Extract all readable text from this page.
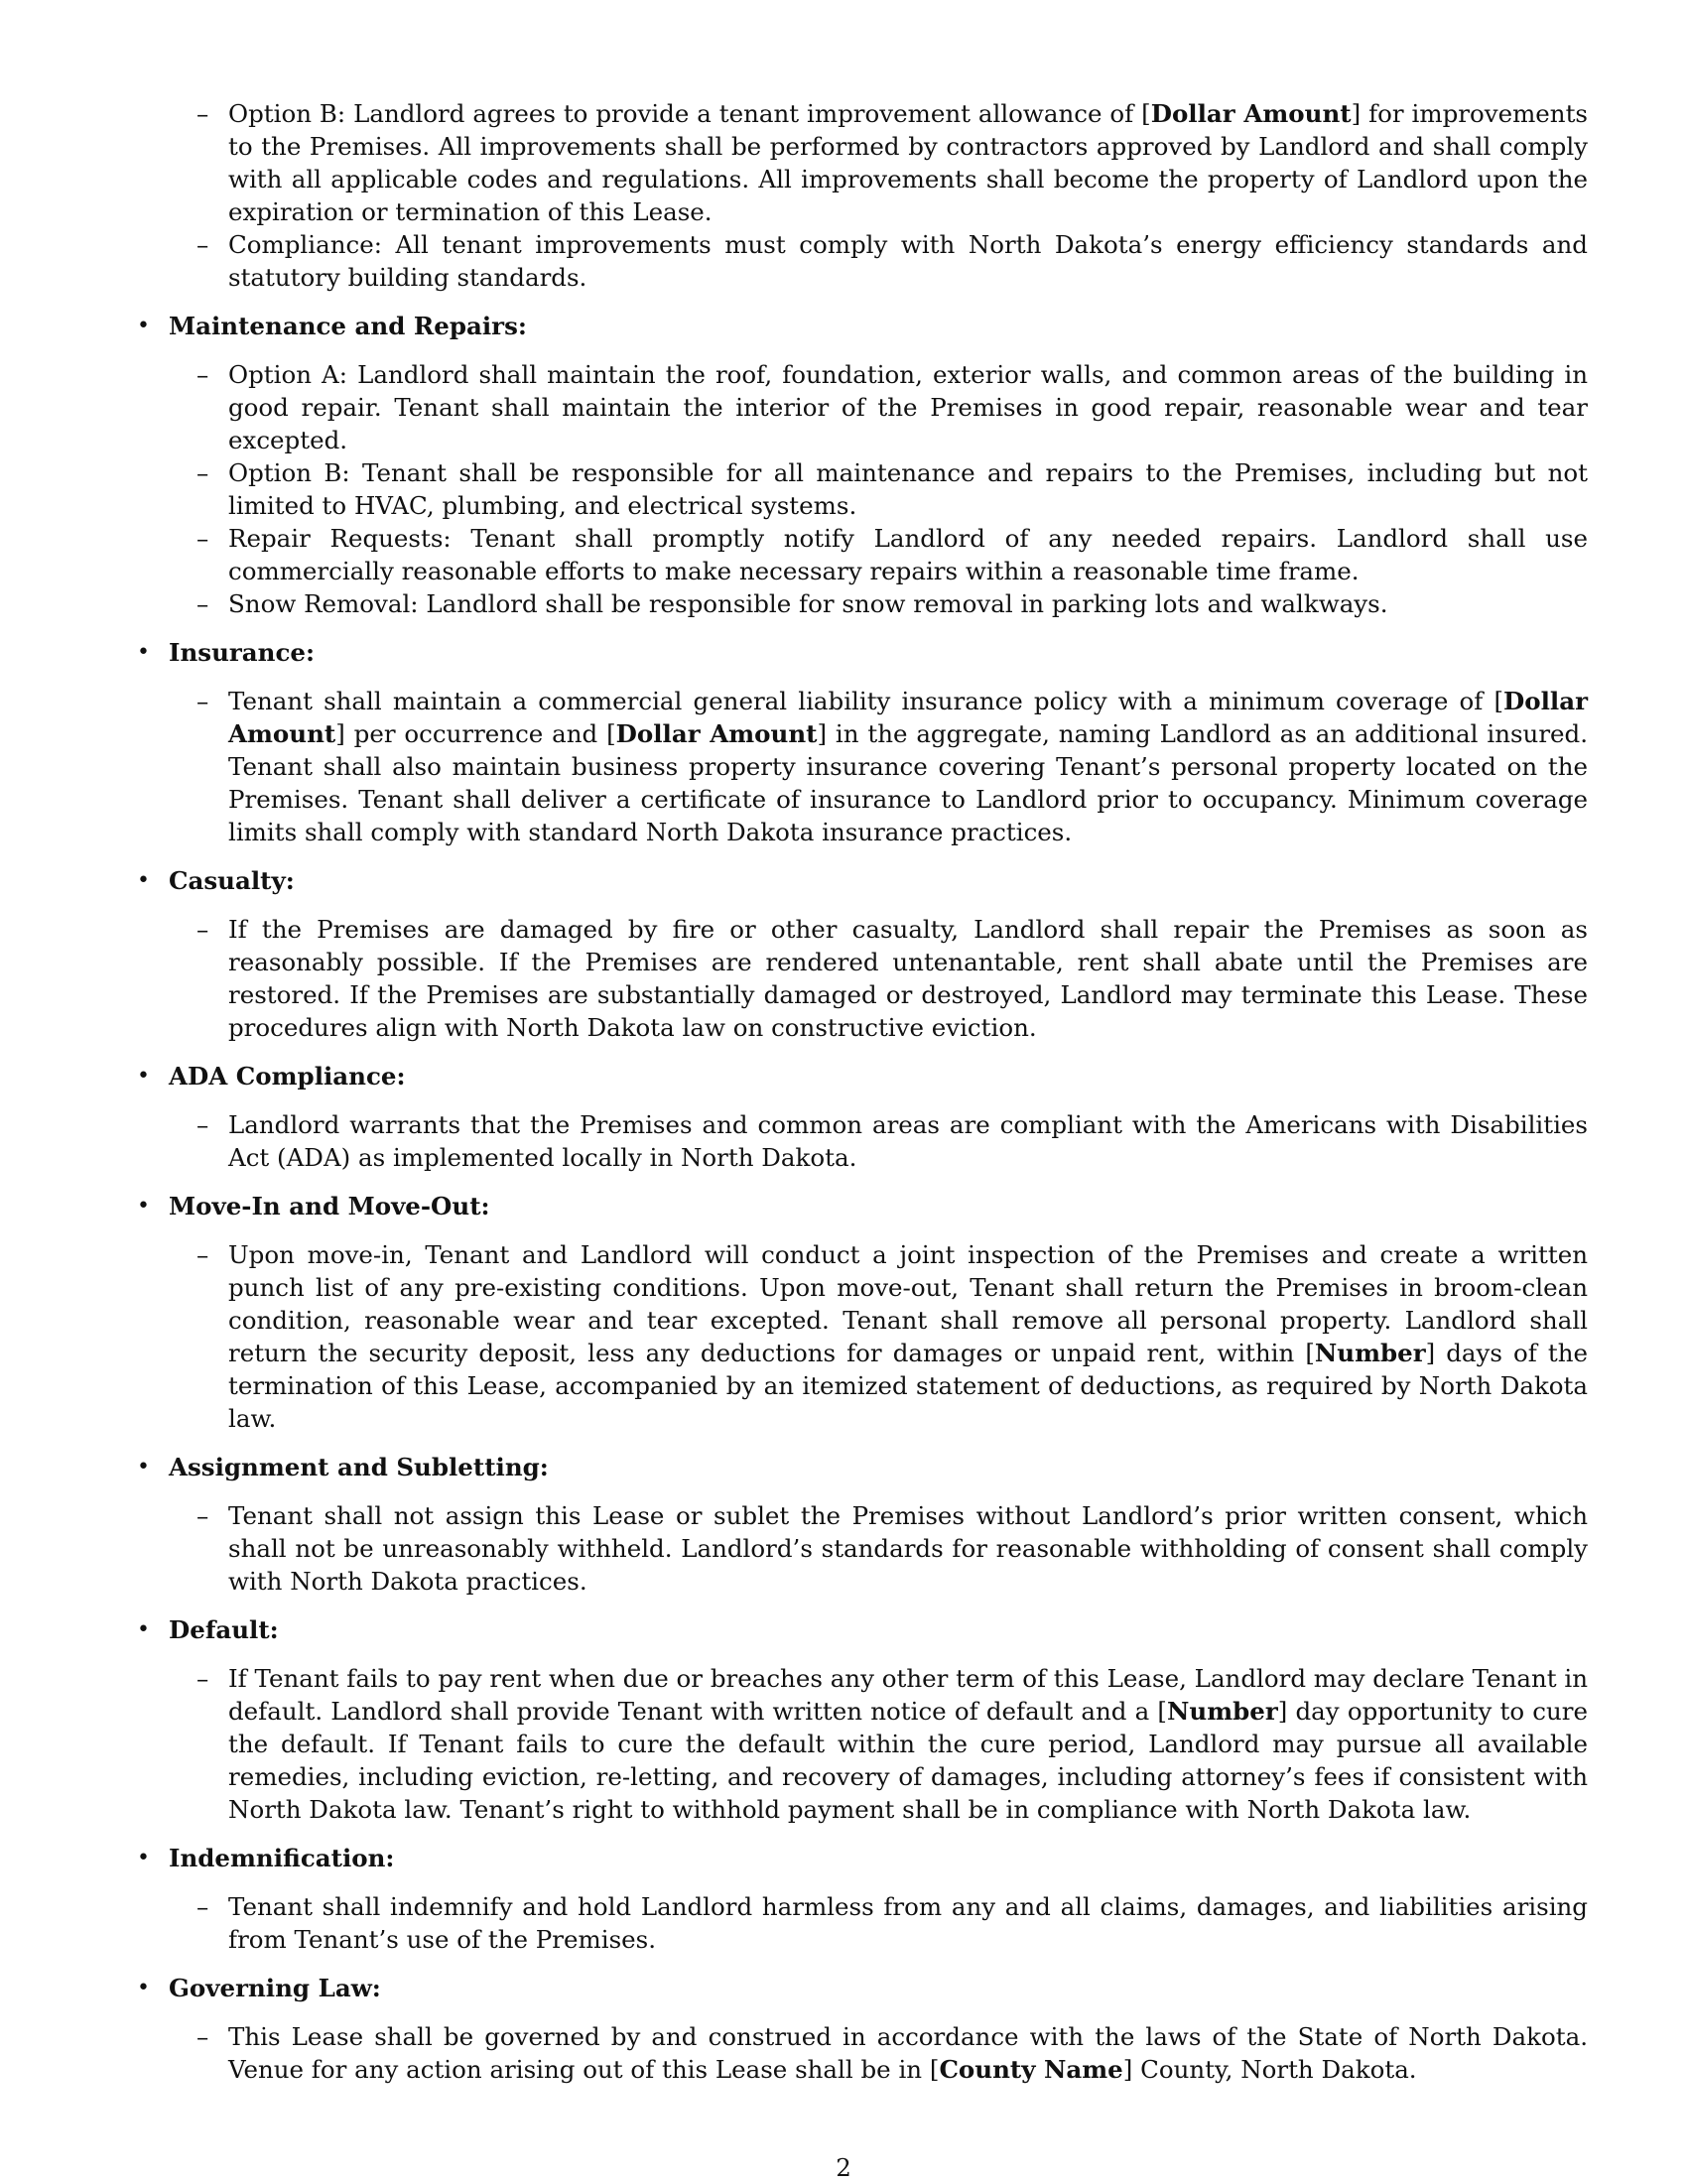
– Option B: Landlord agrees to provide a tenant improvement allowance of [Dollar Amount] for improvements to the Premises. All improvements shall be performed by contractors approved by Landlord and shall comply with all applicable codes and regulations. All improvements shall become the property of Landlord upon the expiration or termination of this Lease.
– Compliance: All tenant improvements must comply with North Dakota’s energy efficiency standards and statutory building standards.
• Maintenance and Repairs:
– Option A: Landlord shall maintain the roof, foundation, exterior walls, and common areas of the building in good repair. Tenant shall maintain the interior of the Premises in good repair, reasonable wear and tear excepted.
– Option B: Tenant shall be responsible for all maintenance and repairs to the Premises, including but not limited to HVAC, plumbing, and electrical systems.
– Repair Requests: Tenant shall promptly notify Landlord of any needed repairs. Landlord shall use commercially reasonable efforts to make necessary repairs within a reasonable time frame.
– Snow Removal: Landlord shall be responsible for snow removal in parking lots and walkways.
• Insurance:
– Tenant shall maintain a commercial general liability insurance policy with a minimum coverage of [Dollar Amount] per occurrence and [Dollar Amount] in the aggregate, naming Landlord as an additional insured. Tenant shall also maintain business property insurance covering Tenant’s personal property located on the Premises. Tenant shall deliver a certificate of insurance to Landlord prior to occupancy. Minimum coverage limits shall comply with standard North Dakota insurance practices.
• Casualty:
– If the Premises are damaged by fire or other casualty, Landlord shall repair the Premises as soon as reasonably possible. If the Premises are rendered untenantable, rent shall abate until the Premises are restored. If the Premises are substantially damaged or destroyed, Landlord may terminate this Lease. These procedures align with North Dakota law on constructive eviction.
• ADA Compliance:
– Landlord warrants that the Premises and common areas are compliant with the Americans with Disabilities Act (ADA) as implemented locally in North Dakota.
• Move-In and Move-Out:
– Upon move-in, Tenant and Landlord will conduct a joint inspection of the Premises and create a written punch list of any pre-existing conditions. Upon move-out, Tenant shall return the Premises in broom-clean condition, reasonable wear and tear excepted. Tenant shall remove all personal property. Landlord shall return the security deposit, less any deductions for damages or unpaid rent, within [Number] days of the termination of this Lease, accompanied by an itemized statement of deductions, as required by North Dakota law.
• Assignment and Subletting:
– Tenant shall not assign this Lease or sublet the Premises without Landlord’s prior written consent, which shall not be unreasonably withheld. Landlord’s standards for reasonable withholding of consent shall comply with North Dakota practices.
• Default:
– If Tenant fails to pay rent when due or breaches any other term of this Lease, Landlord may declare Tenant in default. Landlord shall provide Tenant with written notice of default and a [Number] day opportunity to cure the default. If Tenant fails to cure the default within the cure period, Landlord may pursue all available remedies, including eviction, re-letting, and recovery of damages, including attorney’s fees if consistent with North Dakota law. Tenant’s right to withhold payment shall be in compliance with North Dakota law.
• Indemnification:
– Tenant shall indemnify and hold Landlord harmless from any and all claims, damages, and liabilities arising from Tenant’s use of the Premises.
• Governing Law:
– This Lease shall be governed by and construed in accordance with the laws of the State of North Dakota. Venue for any action arising out of this Lease shall be in [County Name] County, North Dakota.
2
